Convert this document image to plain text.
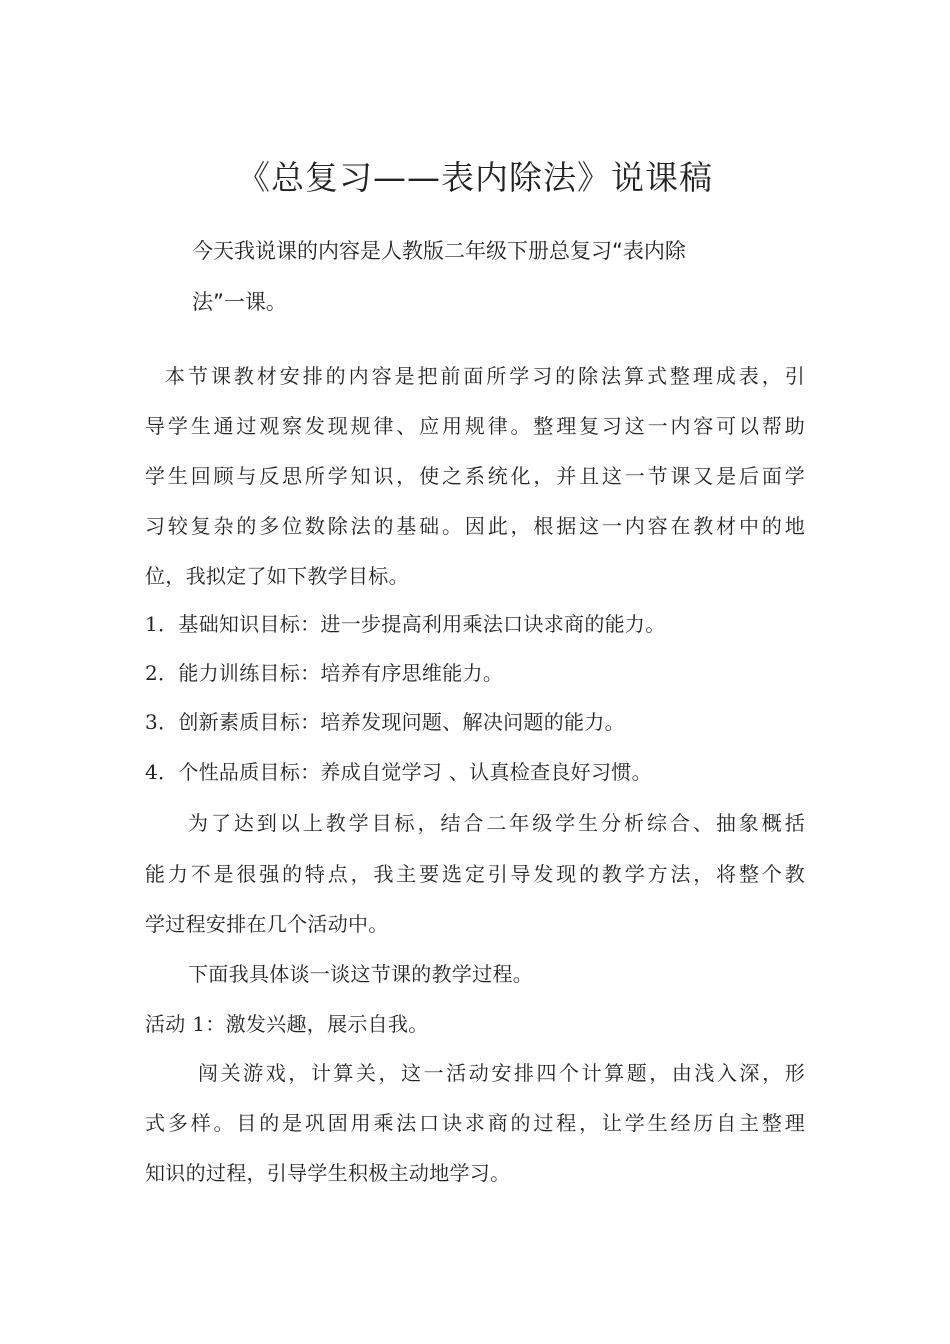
《总复习——表内除法》说课稿
今天我说课的内容是人教版二年级下册总复习“表内除
法”一课。
本节课教材安排的内容是把前面所学习的除法算式整理成表，引
导学生通过观察发现规律、应用规律。整理复习这一内容可以帮助
学生回顾与反思所学知识，使之系统化，并且这一节课又是后面学
习较复杂的多位数除法的基础。因此，根据这一内容在教材中的地
位，我拟定了如下教学目标。
1．基础知识目标：进一步提高利用乘法口诀求商的能力。
2．能力训练目标：培养有序思维能力。
3．创新素质目标：培养发现问题、解决问题的能力。
4．个性品质目标：养成自觉学习 、认真检查良好习惯。
为了达到以上教学目标，结合二年级学生分析综合、抽象概括
能力不是很强的特点，我主要选定引导发现的教学方法，将整个教
学过程安排在几个活动中。
下面我具体谈一谈这节课的教学过程。
活动 1：激发兴趣，展示自我。
闯关游戏，计算关，这一活动安排四个计算题，由浅入深，形
式多样。目的是巩固用乘法口诀求商的过程，让学生经历自主整理
知识的过程，引导学生积极主动地学习。
